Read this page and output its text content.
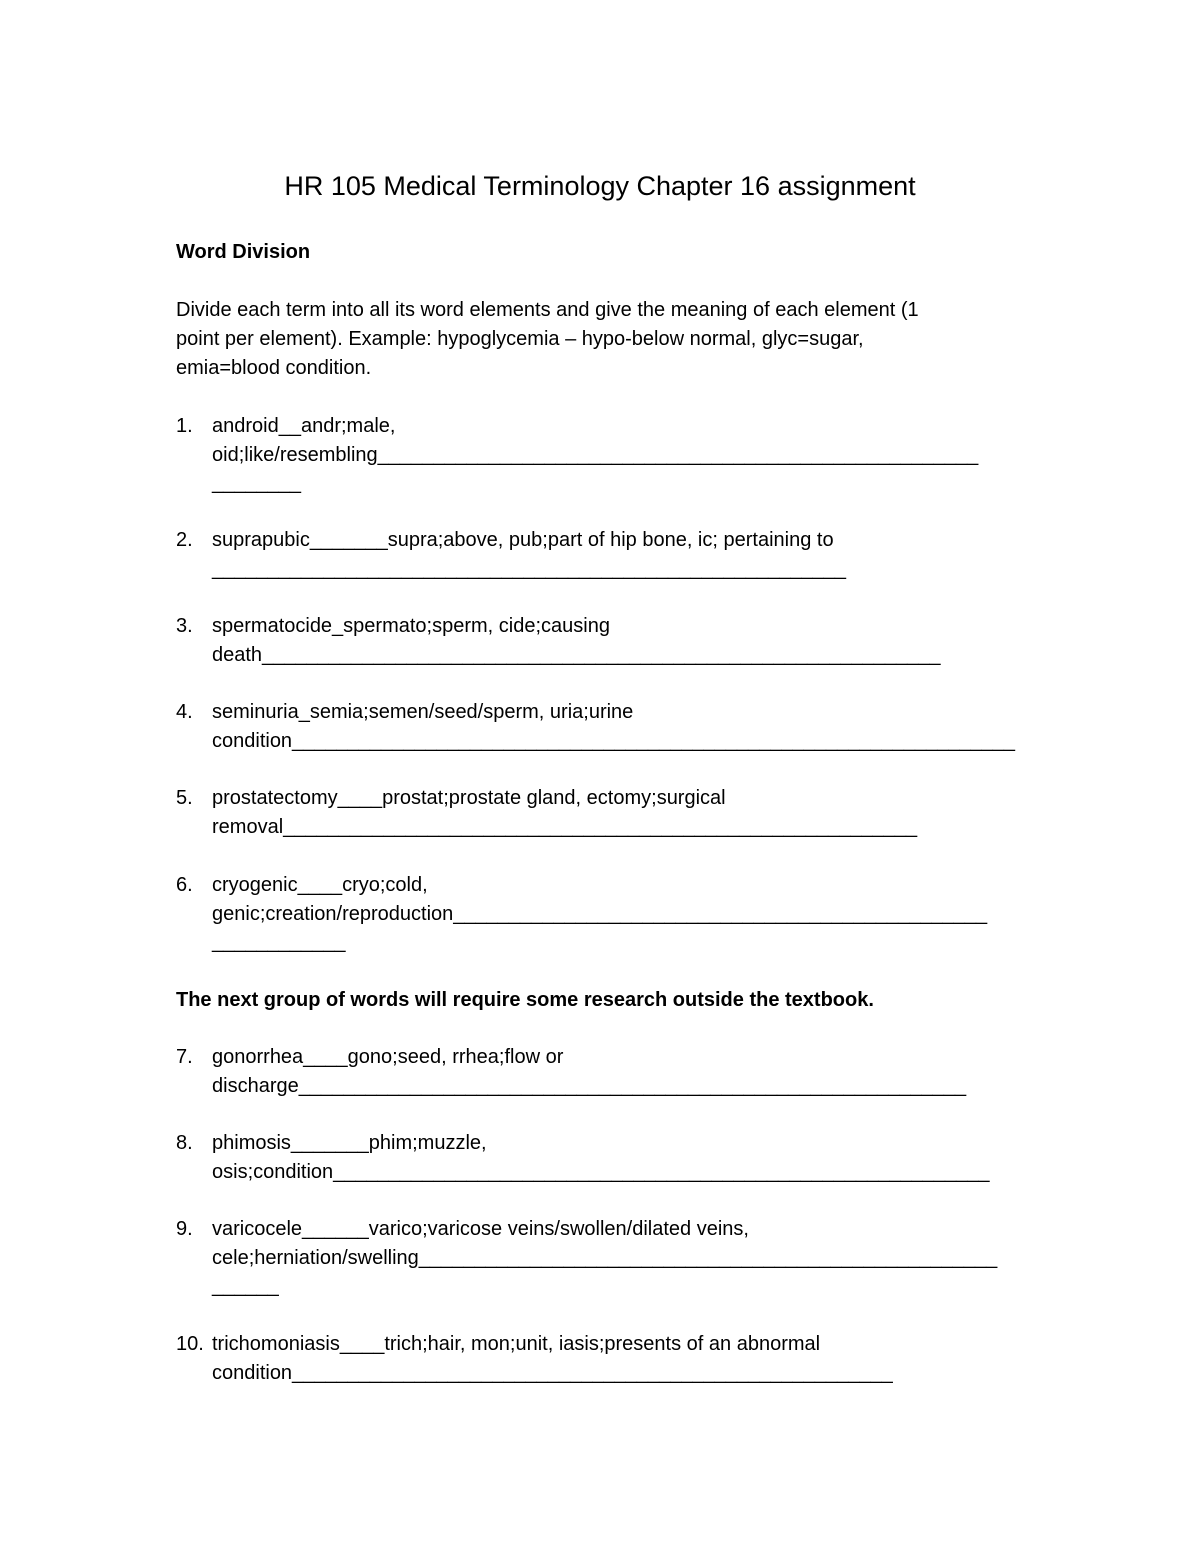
HR 105 Medical Terminology Chapter 16 assignment
Word Division
Divide each term into all its word elements and give the meaning of each element (1
point per element). Example: hypoglycemia – hypo-below normal, glyc=sugar,
emia=blood condition.
1. android__andr;male,
oid;like/resembling______________________________________________________
________
2. suprapubic_______supra;above, pub;part of hip bone, ic; pertaining to
_________________________________________________________
3. spermatocide_spermato;sperm, cide;causing
death_____________________________________________________________
4. seminuria_semia;semen/seed/sperm, uria;urine
condition_________________________________________________________________
5. prostatectomy____prostat;prostate gland, ectomy;surgical
removal_________________________________________________________
6. cryogenic____cryo;cold,
genic;creation/reproduction________________________________________________
____________
The next group of words will require some research outside the textbook.
7. gonorrhea____gono;seed, rrhea;flow or
discharge____________________________________________________________
8. phimosis_______phim;muzzle,
osis;condition___________________________________________________________
9. varicocele______varico;varicose veins/swollen/dilated veins,
cele;herniation/swelling____________________________________________________
______
10. trichomoniasis____trich;hair, mon;unit, iasis;presents of an abnormal
condition______________________________________________________
